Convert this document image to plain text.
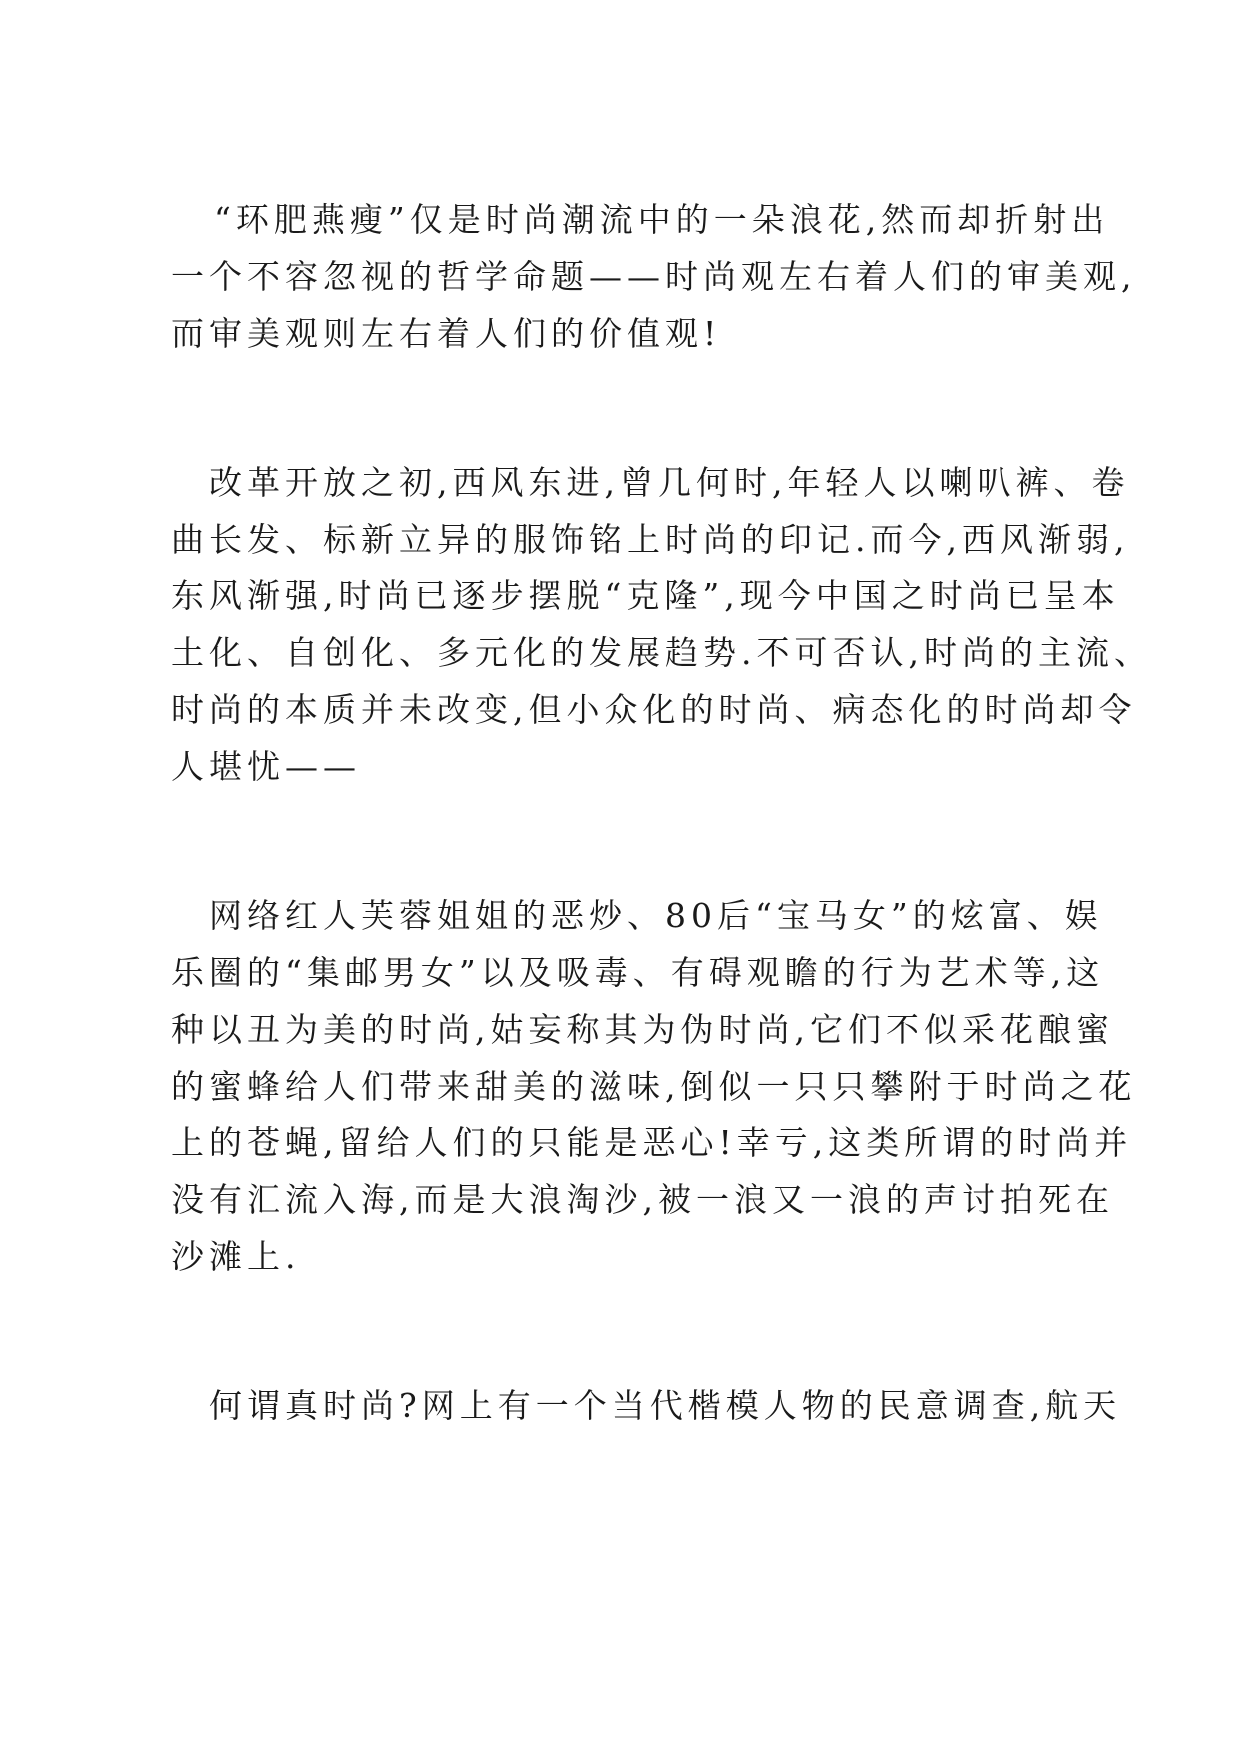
“环肥燕瘦”仅是时尚潮流中的一朵浪花,然而却折射出
一个不容忽视的哲学命题——时尚观左右着人们的审美观,
而审美观则左右着人们的价值观!
改革开放之初,西风东进,曾几何时,年轻人以喇叭裤、卷
曲长发、标新立异的服饰铭上时尚的印记.而今,西风渐弱,
东风渐强,时尚已逐步摆脱“克隆”,现今中国之时尚已呈本
土化、自创化、多元化的发展趋势.不可否认,时尚的主流、
时尚的本质并未改变,但小众化的时尚、病态化的时尚却令
人堪忧——
网络红人芙蓉姐姐的恶炒、80后“宝马女”的炫富、娱
乐圈的“集邮男女”以及吸毒、有碍观瞻的行为艺术等,这
种以丑为美的时尚,姑妄称其为伪时尚,它们不似采花酿蜜
的蜜蜂给人们带来甜美的滋味,倒似一只只攀附于时尚之花
上的苍蝇,留给人们的只能是恶心!幸亏,这类所谓的时尚并
没有汇流入海,而是大浪淘沙,被一浪又一浪的声讨拍死在
沙滩上.
何谓真时尚?网上有一个当代楷模人物的民意调查,航天
